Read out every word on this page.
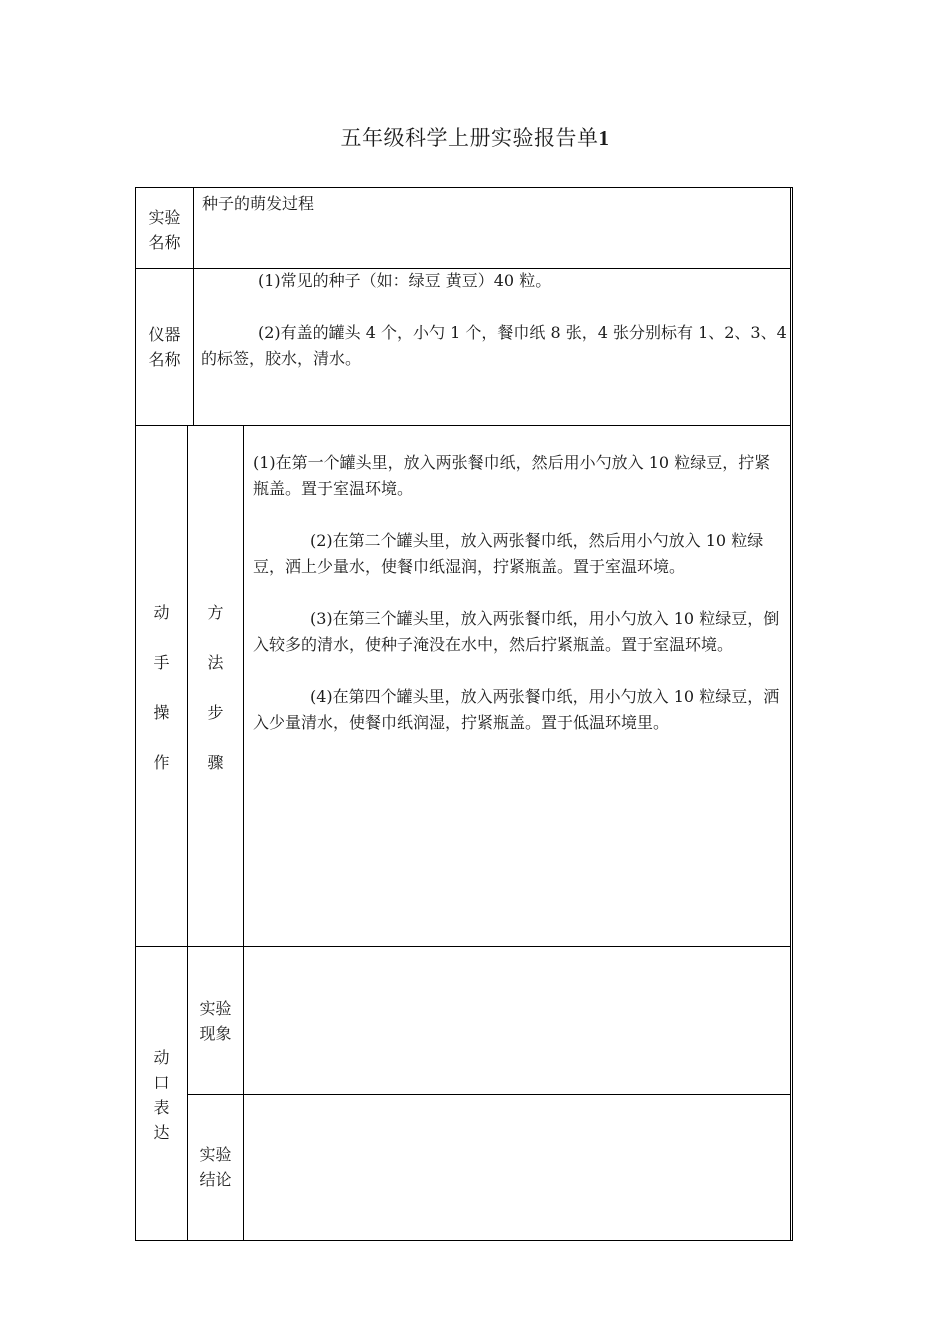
五年级科学上册实验报告单1
实验
名称
种子的萌发过程
仪器
名称

(1)常见的种子（如：绿豆 黄豆）40 粒。

(2)有盖的罐头 4 个，小勺 1 个，餐巾纸 8 张，4 张分别标有 1、2、3、4 的标签，胶水，清水。

动
手
操
作
方
法
步
骤

(1)在第一个罐头里，放入两张餐巾纸，然后用小勺放入 10 粒绿豆，拧紧瓶盖。置于室温环境。

(2)在第二个罐头里，放入两张餐巾纸，然后用小勺放入 10 粒绿豆，洒上少量水，使餐巾纸湿润，拧紧瓶盖。置于室温环境。

(3)在第三个罐头里，放入两张餐巾纸，用小勺放入 10 粒绿豆，倒入较多的清水，使种子淹没在水中，然后拧紧瓶盖。置于室温环境。

(4)在第四个罐头里，放入两张餐巾纸，用小勺放入 10 粒绿豆，洒入少量清水，使餐巾纸润湿，拧紧瓶盖。置于低温环境里。

动
口
表
达
实验
现象
实验
结论
